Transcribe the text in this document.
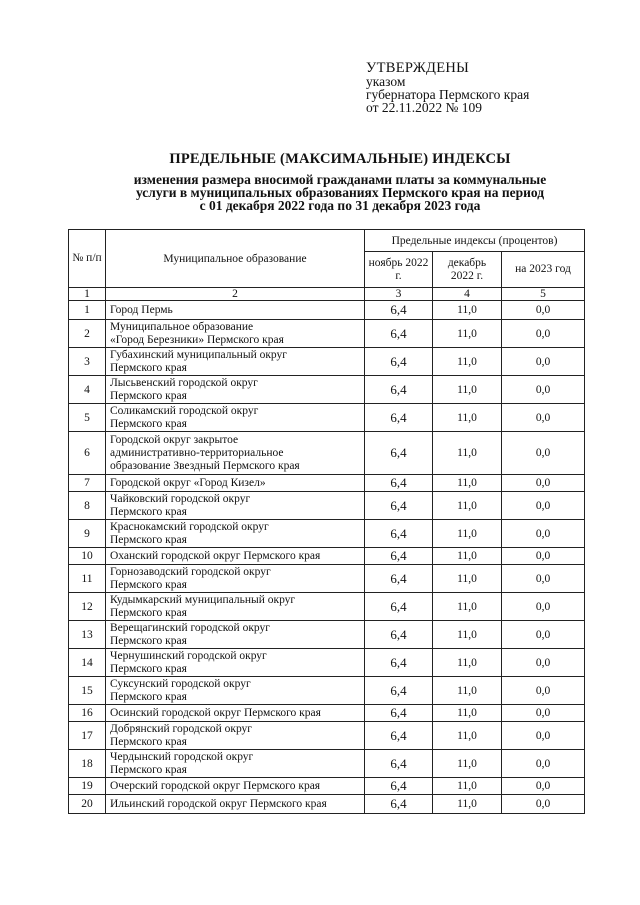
УТВЕРЖДЕНЫ
указом
губернатора Пермского края
от 22.11.2022 № 109
ПРЕДЕЛЬНЫЕ (МАКСИМАЛЬНЫЕ) ИНДЕКСЫ
изменения размера вносимой гражданами платы за коммунальные
услуги в муниципальных образованиях Пермского края на период
с 01 декабря 2022 года по 31 декабря 2023 года
№ п/п	Муниципальное образование	Предельные индексы (процентов)		
		ноябрь 2022 г.	декабрь 2022 г.	на 2023 год
1	2	3	4	5
1	Город Пермь	6,4	11,0	0,0
2	Муниципальное образование
«Город Березники» Пермского края	6,4	11,0	0,0
3	Губахинский муниципальный округ
Пермского края	6,4	11,0	0,0
4	Лысьвенский городской округ
Пермского края	6,4	11,0	0,0
5	Соликамский городской округ
Пермского края	6,4	11,0	0,0
6	Городской округ закрытое
административно-территориальное
образование Звездный Пермского края	6,4	11,0	0,0
7	Городской округ «Город Кизел»	6,4	11,0	0,0
8	Чайковский городской округ
Пермского края	6,4	11,0	0,0
9	Краснокамский городской округ
Пермского края	6,4	11,0	0,0
10	Оханский городской округ Пермского края	6,4	11,0	0,0
11	Горнозаводский городской округ
Пермского края	6,4	11,0	0,0
12	Кудымкарский муниципальный округ
Пермского края	6,4	11,0	0,0
13	Верещагинский городской округ
Пермского края	6,4	11,0	0,0
14	Чернушинский городской округ
Пермского края	6,4	11,0	0,0
15	Суксунский городской округ
Пермского края	6,4	11,0	0,0
16	Осинский городской округ Пермского края	6,4	11,0	0,0
17	Добрянский городской округ
Пермского края	6,4	11,0	0,0
18	Чердынский городской округ
Пермского края	6,4	11,0	0,0
19	Очерский городской округ Пермского края	6,4	11,0	0,0
20	Ильинский городской округ Пермского края	6,4	11,0	0,0
